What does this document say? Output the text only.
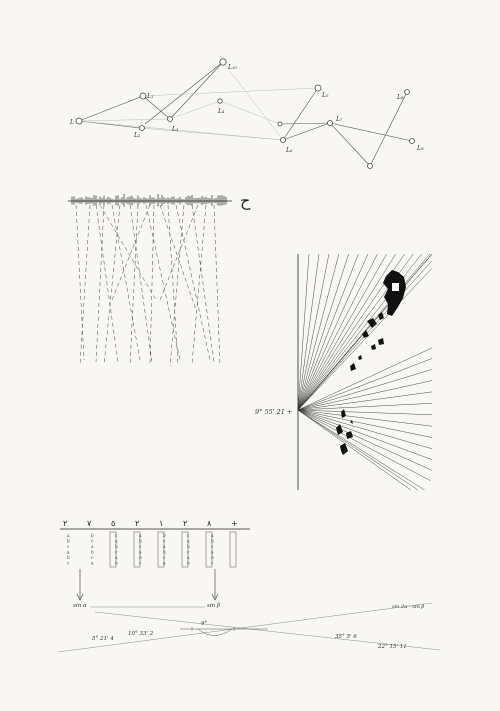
L
L₁
L₂
L₃
L₄
L₅
L₆
L₇
L₈
L₉
L₁₀
ح
9° 55' 21 +
٢ ٧ ٥ ٢ ١ ٢ ٨ +
a
b
c
a
b
c
b
c
a
b
c
a
c
a
b
c
a
b
a
b
c
a
b
c
b
c
a
b
c
a
c
a
b
c
a
b
a
b
c
a
b
c
sin α	sin β	sin 2α - sin β
5° 21' 4
10° 33' 2
9°
35° 5' 6
22° 15' 11
